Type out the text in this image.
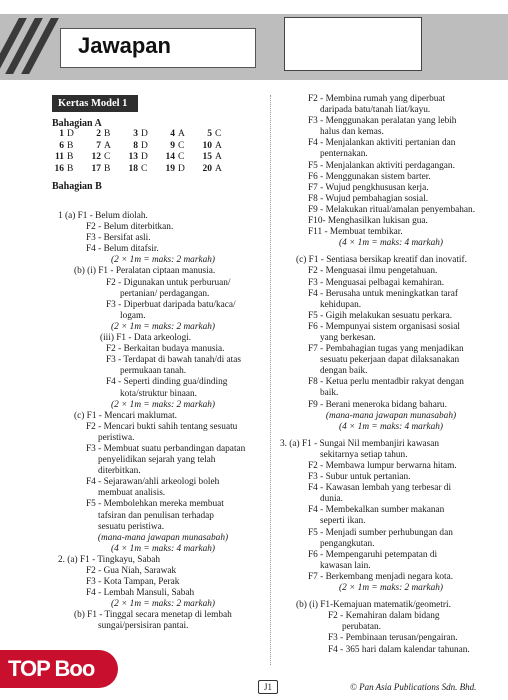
Jawapan
Kertas Model 1
Bahagian A
1 D	2 B	3 D	4 A	5 C
6 B	7 A	8 D	9 C	10 A
11 B	12 C	13 D	14 C	15 A
16 B	17 B	18 C	19 D	20 A
Bahagian B
1 (a) F1 - Belum diolah.
F2 - Belum diterbitkan.
F3 - Bersifat asli.
F4 - Belum ditafsir.
(2 × 1m = maks: 2 markah)
(b) (i) F1 - Peralatan ciptaan manusia.
F2 - Digunakan untuk perburuan/
pertanian/ perdagangan.
F3 - Diperbuat daripada batu/kaca/
logam.
(2 × 1m = maks: 2 markah)
(iii) F1 - Data arkeologi.
F2 - Berkaitan budaya manusia.
F3 - Terdapat di bawah tanah/di atas
permukaan tanah.
F4 - Seperti dinding gua/dinding
kota/struktur binaan.
(2 × 1m = maks: 2 markah)
(c) F1 - Mencari maklumat.
F2 - Mencari bukti sahih tentang sesuatu
peristiwa.
F3 - Membuat suatu perbandingan dapatan
penyelidikan sejarah yang telah
diterbitkan.
F4 - Sejarawan/ahli arkeologi boleh
membuat analisis.
F5 - Membolehkan mereka membuat
tafsiran dan penulisan terhadap
sesuatu peristiwa.
(mana-mana jawapan munasabah)
(4 × 1m = maks: 4 markah)
2. (a) F1 - Tingkayu, Sabah
F2 - Gua Niah, Sarawak
F3 - Kota Tampan, Perak
F4 - Lembah Mansuli, Sabah
(2 × 1m = maks: 2 markah)
(b) F1 - Tinggal secara menetap di lembah
sungai/persisiran pantai.
F2 - Membina rumah yang diperbuat
daripada batu/tanah liat/kayu.
F3 - Menggunakan peralatan yang lebih
halus dan kemas.
F4 - Menjalankan aktiviti pertanian dan
penternakan.
F5 - Menjalankan aktiviti perdagangan.
F6 - Menggunakan sistem barter.
F7 - Wujud pengkhususan kerja.
F8 - Wujud pembahagian sosial.
F9 - Melakukan ritual/amalan penyembahan.
F10- Menghasilkan lukisan gua.
F11 - Membuat tembikar.
(4 × 1m = maks: 4 markah)
(c) F1 - Sentiasa bersikap kreatif dan inovatif.
F2 - Menguasai ilmu pengetahuan.
F3 - Menguasai pelbagai kemahiran.
F4 - Berusaha untuk meningkatkan taraf
kehidupan.
F5 - Gigih melakukan sesuatu perkara.
F6 - Mempunyai sistem organisasi sosial
yang berkesan.
F7 - Pembahagian tugas yang menjadikan
sesuatu pekerjaan dapat dilaksanakan
dengan baik.
F8 - Ketua perlu mentadbir rakyat dengan
baik.
F9 - Berani meneroka bidang baharu.
(mana-mana jawapan munasabah)
(4 × 1m = maks: 4 markah)
3. (a) F1 - Sungai Nil membanjiri kawasan
sekitarnya setiap tahun.
F2 - Membawa lumpur berwarna hitam.
F3 - Subur untuk pertanian.
F4 - Kawasan lembah yang terbesar di
dunia.
F4 - Membekalkan sumber makanan
seperti ikan.
F5 - Menjadi sumber perhubungan dan
pengangkutan.
F6 - Mempengaruhi petempatan di
kawasan lain.
F7 - Berkembang menjadi negara kota.
(2 × 1m = maks: 2 markah)
(b) (i) F1-Kemajuan matematik/geometri.
F2 - Kemahiran dalam bidang
perubatan.
F3 - Pembinaan terusan/pengairan.
F4 - 365 hari dalam kalendar tahunan.
TOP Boo
J1	© Pan Asia Publications Sdn. Bhd.
